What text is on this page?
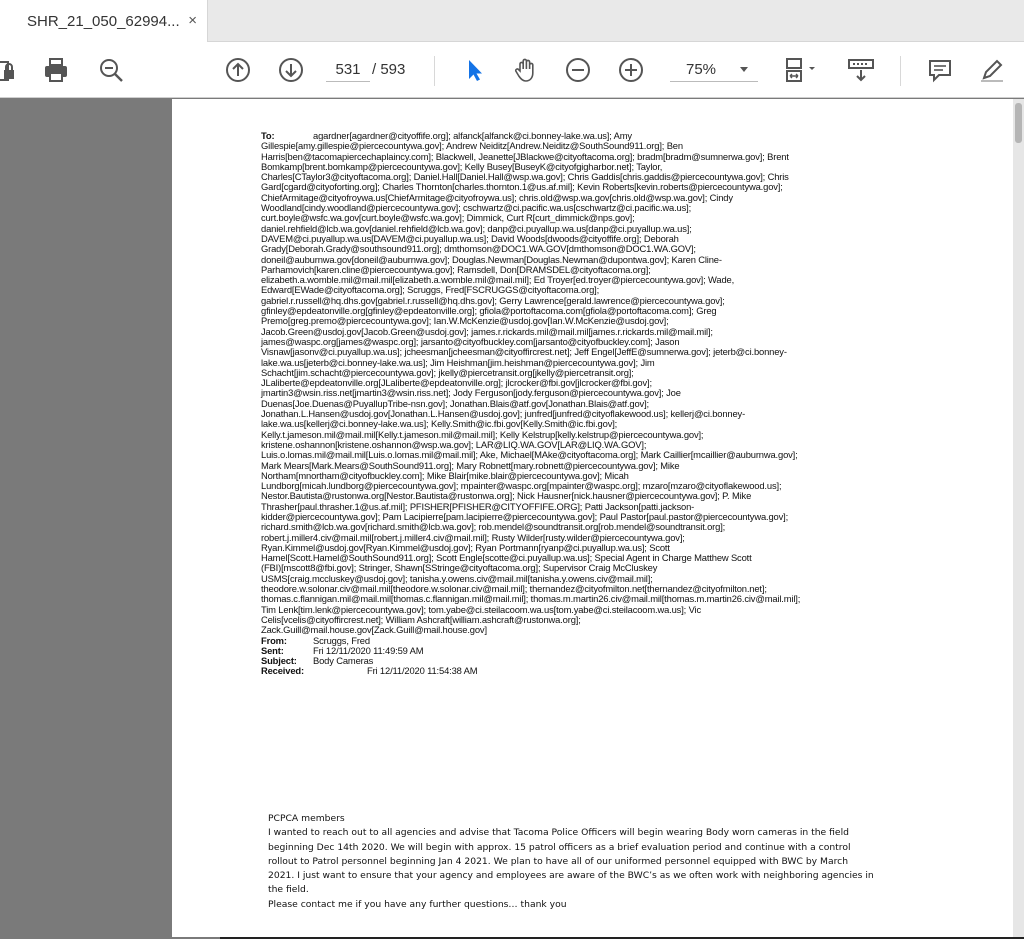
SHR_21_050_62994... ×
531
/ 593	75%
To:	agardner[agardner@cityoffife.org]; alfanck[alfanck@ci.bonney-lake.wa.us]; Amy
Gillespie[amy.gillespie@piercecountywa.gov]; Andrew Neiditz[Andrew.Neiditz@SouthSound911.org]; Ben
Harris[ben@tacomapiercechaplaincy.com]; Blackwell, Jeanette[JBlackwe@cityoftacoma.org]; bradm[bradm@sumnerwa.gov]; Brent
Bomkamp[brent.bomkamp@piercecountywa.gov]; Kelly Busey[BuseyK@cityofgigharbor.net]; Taylor,
Charles[CTaylor3@cityoftacoma.org]; Daniel.Hall[Daniel.Hall@wsp.wa.gov]; Chris Gaddis[chris.gaddis@piercecountywa.gov]; Chris
Gard[cgard@cityoforting.org]; Charles Thornton[charles.thornton.1@us.af.mil]; Kevin Roberts[kevin.roberts@piercecountywa.gov];
ChiefArmitage@cityofroywa.us[ChiefArmitage@cityofroywa.us]; chris.old@wsp.wa.gov[chris.old@wsp.wa.gov]; Cindy
Woodland[cindy.woodland@piercecountywa.gov]; cschwartz@ci.pacific.wa.us[cschwartz@ci.pacific.wa.us];
curt.boyle@wsfc.wa.gov[curt.boyle@wsfc.wa.gov]; Dimmick, Curt R[curt_dimmick@nps.gov];
daniel.rehfield@lcb.wa.gov[daniel.rehfield@lcb.wa.gov]; danp@ci.puyallup.wa.us[danp@ci.puyallup.wa.us];
DAVEM@ci.puyallup.wa.us[DAVEM@ci.puyallup.wa.us]; David Woods[dwoods@cityoffife.org]; Deborah
Grady[Deborah.Grady@southsound911.org]; dmthomson@DOC1.WA.GOV[dmthomson@DOC1.WA.GOV];
doneil@auburnwa.gov[doneil@auburnwa.gov]; Douglas.Newman[Douglas.Newman@dupontwa.gov]; Karen Cline-
Parhamovich[karen.cline@piercecountywa.gov]; Ramsdell, Don[DRAMSDEL@cityoftacoma.org];
elizabeth.a.womble.mil@mail.mil[elizabeth.a.womble.mil@mail.mil]; Ed Troyer[ed.troyer@piercecountywa.gov]; Wade,
Edward[EWade@cityoftacoma.org]; Scruggs, Fred[FSCRUGGS@cityoftacoma.org];
gabriel.r.russell@hq.dhs.gov[gabriel.r.russell@hq.dhs.gov]; Gerry Lawrence[gerald.lawrence@piercecountywa.gov];
gfinley@epdeatonville.org[gfinley@epdeatonville.org]; gfiola@portoftacoma.com[gfiola@portoftacoma.com]; Greg
Premo[greg.premo@piercecountywa.gov]; Ian.W.McKenzie@usdoj.gov[Ian.W.McKenzie@usdoj.gov];
Jacob.Green@usdoj.gov[Jacob.Green@usdoj.gov]; james.r.rickards.mil@mail.mil[james.r.rickards.mil@mail.mil];
james@waspc.org[james@waspc.org]; jarsanto@cityofbuckley.com[jarsanto@cityofbuckley.com]; Jason
Visnaw[jasonv@ci.puyallup.wa.us]; jcheesman[jcheesman@cityoffircrest.net]; Jeff Engel[JeffE@sumnerwa.gov]; jeterb@ci.bonney-
lake.wa.us[jeterb@ci.bonney-lake.wa.us]; Jim Heishman[jim.heishman@piercecountywa.gov]; Jim
Schacht[jim.schacht@piercecountywa.gov]; jkelly@piercetransit.org[jkelly@piercetransit.org];
JLaliberte@epdeatonville.org[JLaliberte@epdeatonville.org]; jlcrocker@fbi.gov[jlcrocker@fbi.gov];
jmartin3@wsin.riss.net[jmartin3@wsin.riss.net]; Jody Ferguson[jody.ferguson@piercecountywa.gov]; Joe
Duenas[Joe.Duenas@PuyallupTribe-nsn.gov]; Jonathan.Blais@atf.gov[Jonathan.Blais@atf.gov];
Jonathan.L.Hansen@usdoj.gov[Jonathan.L.Hansen@usdoj.gov]; junfred[junfred@cityoflakewood.us]; kellerj@ci.bonney-
lake.wa.us[kellerj@ci.bonney-lake.wa.us]; Kelly.Smith@ic.fbi.gov[Kelly.Smith@ic.fbi.gov];
Kelly.t.jameson.mil@mail.mil[Kelly.t.jameson.mil@mail.mil]; Kelly Kelstrup[kelly.kelstrup@piercecountywa.gov];
kristene.oshannon[kristene.oshannon@wsp.wa.gov]; LAR@LIQ.WA.GOV[LAR@LIQ.WA.GOV];
Luis.o.lomas.mil@mail.mil[Luis.o.lomas.mil@mail.mil]; Ake, Michael[MAke@cityoftacoma.org]; Mark Caillier[mcaillier@auburnwa.gov];
Mark Mears[Mark.Mears@SouthSound911.org]; Mary Robnett[mary.robnett@piercecountywa.gov]; Mike
Northam[mnortham@cityofbuckley.com]; Mike Blair[mike.blair@piercecountywa.gov]; Micah
Lundborg[micah.lundborg@piercecountywa.gov]; mpainter@waspc.org[mpainter@waspc.org]; mzaro[mzaro@cityoflakewood.us];
Nestor.Bautista@rustonwa.org[Nestor.Bautista@rustonwa.org]; Nick Hausner[nick.hausner@piercecountywa.gov]; P. Mike
Thrasher[paul.thrasher.1@us.af.mil]; PFISHER[PFISHER@CITYOFFIFE.ORG]; Patti Jackson[patti.jackson-
kidder@piercecountywa.gov]; Pam Lacipierre[pam.lacipierre@piercecountywa.gov]; Paul Pastor[paul.pastor@piercecountywa.gov];
richard.smith@lcb.wa.gov[richard.smith@lcb.wa.gov]; rob.mendel@soundtransit.org[rob.mendel@soundtransit.org];
robert.j.miller4.civ@mail.mil[robert.j.miller4.civ@mail.mil]; Rusty Wilder[rusty.wilder@piercecountywa.gov];
Ryan.Kimmel@usdoj.gov[Ryan.Kimmel@usdoj.gov]; Ryan Portmann[ryanp@ci.puyallup.wa.us]; Scott
Hamel[Scott.Hamel@SouthSound911.org]; Scott Engle[scotte@ci.puyallup.wa.us]; Special Agent in Charge Matthew Scott
(FBI)[mscott8@fbi.gov]; Stringer, Shawn[SStringe@cityoftacoma.org]; Supervisor Craig McCluskey
USMS[craig.mccluskey@usdoj.gov]; tanisha.y.owens.civ@mail.mil[tanisha.y.owens.civ@mail.mil];
theodore.w.solonar.civ@mail.mil[theodore.w.solonar.civ@mail.mil]; thernandez@cityofmilton.net[thernandez@cityofmilton.net];
thomas.c.flannigan.mil@mail.mil[thomas.c.flannigan.mil@mail.mil]; thomas.m.martin26.civ@mail.mil[thomas.m.martin26.civ@mail.mil];
Tim Lenk[tim.lenk@piercecountywa.gov]; tom.yabe@ci.steilacoom.wa.us[tom.yabe@ci.steilacoom.wa.us]; Vic
Celis[vcelis@cityoffircrest.net]; William Ashcraft[william.ashcraft@rustonwa.org];
Zack.Guill@mail.house.gov[Zack.Guill@mail.house.gov]
From:	Scruggs, Fred
Sent:	Fri 12/11/2020 11:49:59 AM
Subject: Body Cameras
Received:	Fri 12/11/2020 11:54:38 AM

PCPCA members

I wanted to reach out to all agencies and advise that Tacoma Police Officers will begin wearing Body worn cameras in the field

beginning Dec 14th 2020. We will begin with approx. 15 patrol officers as a brief evaluation period and continue with a control

rollout to Patrol personnel beginning Jan 4 2021. We plan to have all of our uniformed personnel equipped with BWC by March

2021. I just want to ensure that your agency and employees are aware of the BWC’s as we often work with neighboring agencies in

the field.

Please contact me if you have any further questions… thank you
